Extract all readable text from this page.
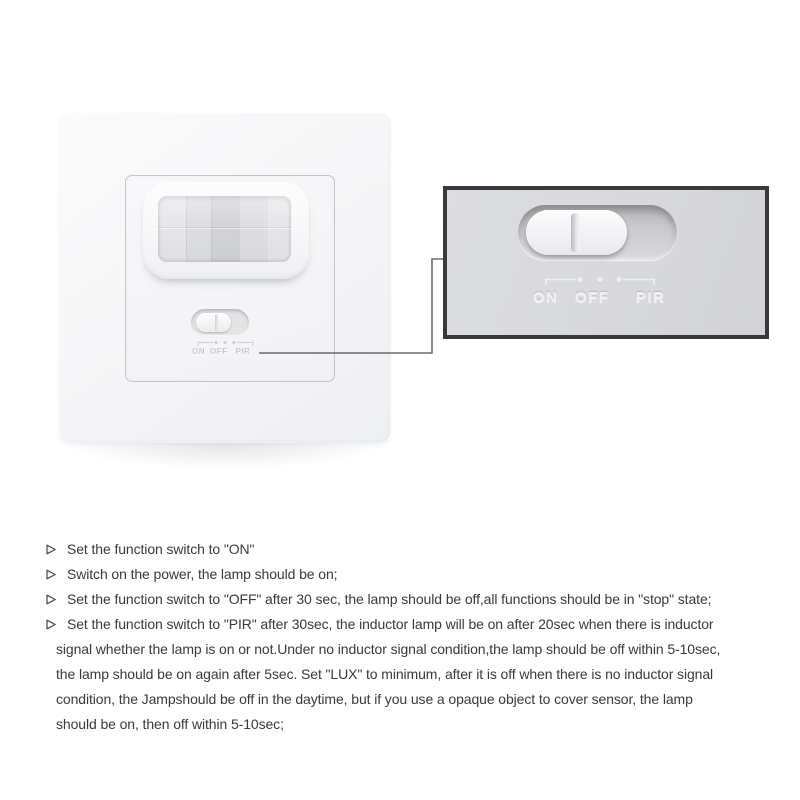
ON OFF PIR
ON OFF PIR
Set the function switch to "ON"
Switch on the power, the lamp should be on;
Set the function switch to "OFF" after 30 sec, the lamp should be off,all functions should be in "stop" state;
Set the function switch to "PIR" after 30sec, the inductor lamp will be on after 20sec when there is inductor
signal whether the lamp is on or not.Under no inductor signal condition,the lamp should be off within 5-10sec,
the lamp should be on again after 5sec. Set "LUX" to minimum, after it is off when there is no inductor signal
condition, the Jampshould be off in the daytime, but if you use a opaque object to cover sensor, the lamp
should be on, then off within 5-10sec;
